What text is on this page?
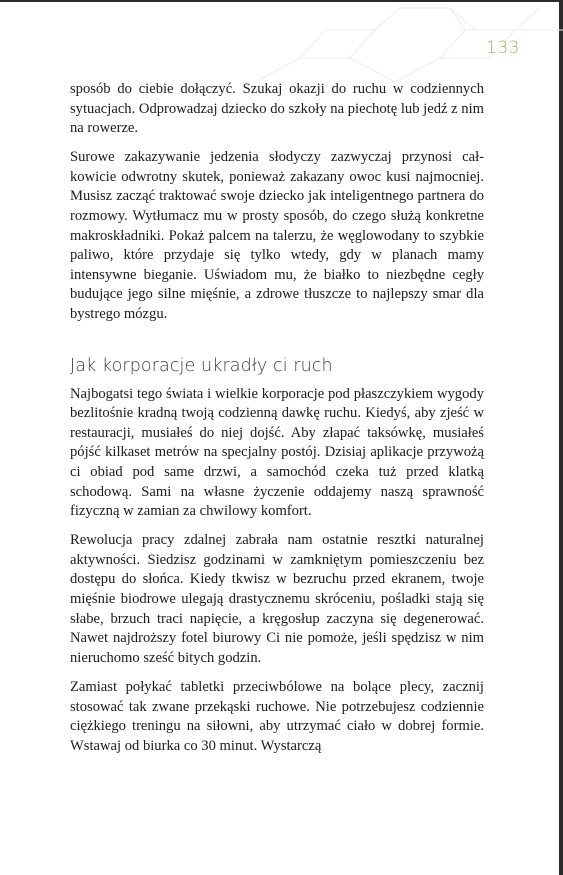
133

sposób do ciebie dołączyć. Szukaj okazji do ruchu w codziennych sytuacjach. Odprowadzaj dziecko do szkoły na piechotę lub jedź z nim na rowerze.

Surowe zakazywanie jedzenia słodyczy zazwyczaj przynosi całkowicie odwrotny skutek, ponieważ zakazany owoc kusi najmocniej. Musisz zacząć traktować swoje dziecko jak inteligentnego partnera do rozmowy. Wytłumacz mu w prosty sposób, do czego służą konkretne makroskładniki. Pokaż palcem na talerzu, że węglowodany to szybkie paliwo, które przydaje się tylko wtedy, gdy w planach mamy intensywne bieganie. Uświadom mu, że białko to niezbędne cegły budujące jego silne mięśnie, a zdrowe tłuszcze to najlepszy smar dla bystrego mózgu.

Jak korporacje ukradły ci ruch

Najbogatsi tego świata i wielkie korporacje pod płaszczykiem wygody bezlitośnie kradną twoją codzienną dawkę ruchu. Kiedyś, aby zjeść w restauracji, musiałeś do niej dojść. Aby złapać taksówkę, musiałeś pójść kilkaset metrów na specjalny postój. Dzisiaj aplikacje przywożą ci obiad pod same drzwi, a samochód czeka tuż przed klatką schodową. Sami na własne życzenie oddajemy naszą sprawność fizyczną w zamian za chwilowy komfort.

Rewolucja pracy zdalnej zabrała nam ostatnie resztki naturalnej aktywności. Siedzisz godzinami w zamkniętym pomieszczeniu bez dostępu do słońca. Kiedy tkwisz w bezruchu przed ekranem, twoje mięśnie biodrowe ulegają drastycznemu skróceniu, pośladki stają się słabe, brzuch traci napięcie, a kręgosłup zaczyna się degenerować. Nawet najdroższy fotel biurowy Ci nie pomoże, jeśli spędzisz w nim nieruchomo sześć bitych godzin.

Zamiast połykać tabletki przeciwbólowe na bolące plecy, zacznij stosować tak zwane przekąski ruchowe. Nie potrzebujesz codziennie ciężkiego treningu na siłowni, aby utrzymać ciało w dobrej formie. Wstawaj od biurka co 30 minut. Wystarczą
